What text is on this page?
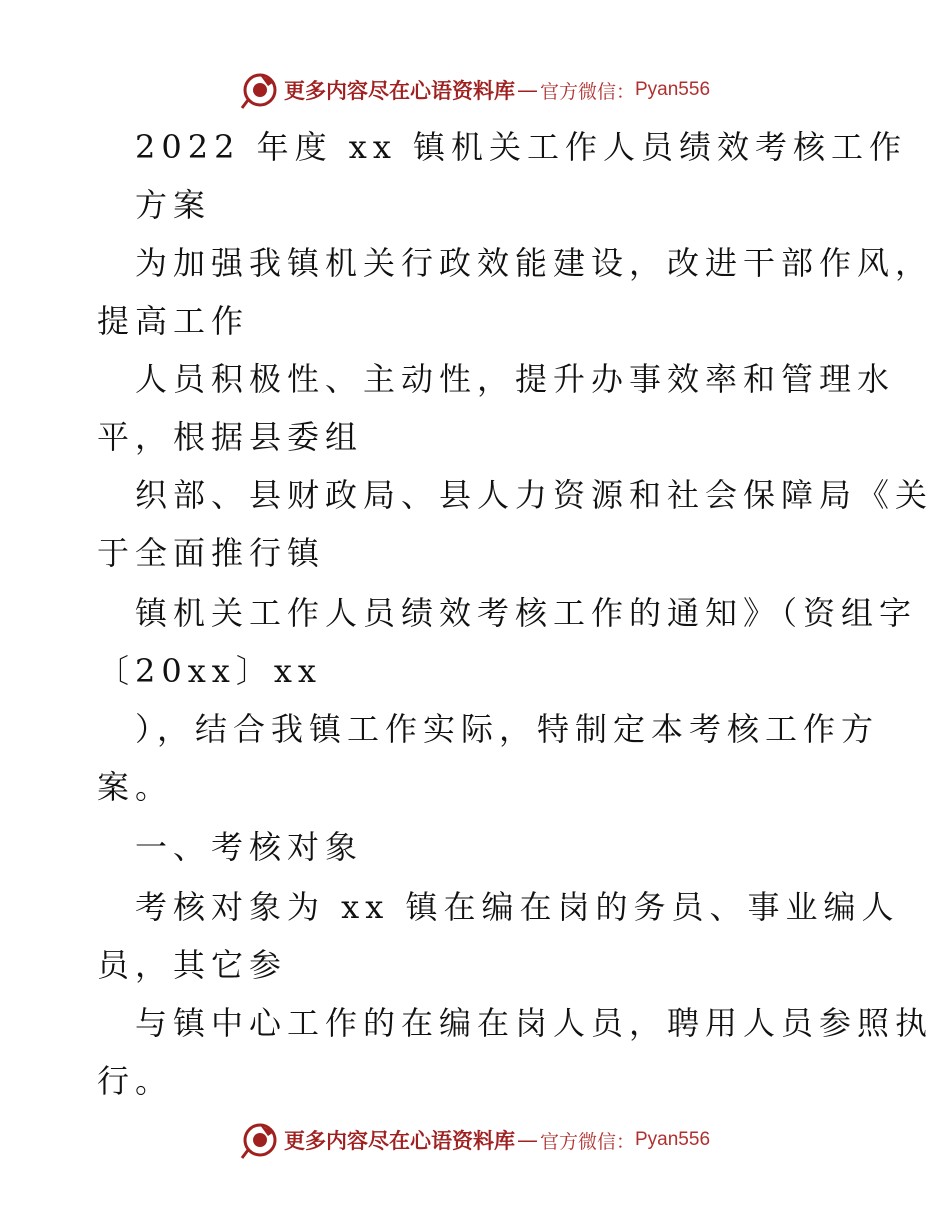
更多内容尽在心语资料库 — 官方微信： Pyan556
2022 年度 xx 镇机关工作人员绩效考核工作
方案
为加强我镇机关行政效能建设，改进干部作风，
提高工作
人员积极性、主动性，提升办事效率和管理水
平，根据县委组
织部、县财政局、县人力资源和社会保障局《关
于全面推行镇
镇机关工作人员绩效考核工作的通知》（资组字
〔20xx〕xx
），结合我镇工作实际，特制定本考核工作方
案。
一、考核对象
考核对象为 xx 镇在编在岗的务员、事业编人
员，其它参
与镇中心工作的在编在岗人员，聘用人员参照执
行。
更多内容尽在心语资料库 — 官方微信： Pyan556
